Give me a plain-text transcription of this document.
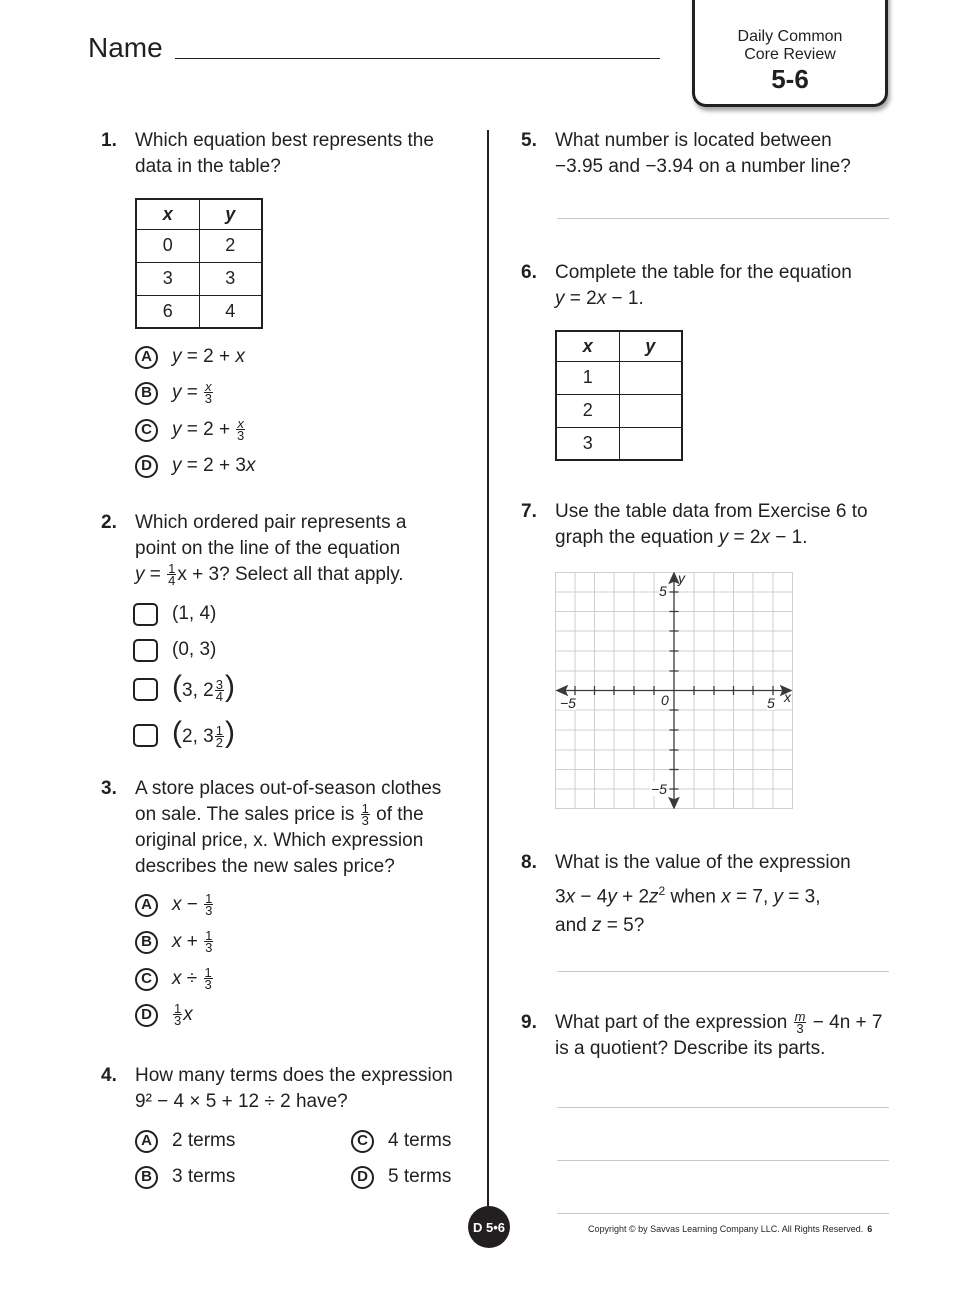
Name	Daily Common
Core Review
5-6
1. Which equation best represents the
data in the table?
x	y
0	2
3	3
6	4
A	y = 2 + x
B	$y = \frac{x}{3}$
C	$y = 2 + \frac{x}{3}$
D	y = 2 + 3x
2. Which ordered pair represents a
point on the line of the equation
$y = \frac{1}{4}$ x + 3? Select all that apply.
(1, 4)
(0, 3)
(3, $2 \frac{3}{4}$ )
(2, $3 \frac{1}{2}$ )
3. A store places out-of-season clothes
on sale. The sales price is $\frac{1}{3}$ of the
original price, x. Which expression
describes the new sales price?
A	$x - \frac{1}{3}$
B	$x + \frac{1}{3}$
C	$x \div \frac{1}{3}$
D	$\frac{1}{3}$ x
4. How many terms does the expression
9² − 4 × 5 + 12 ÷ 2 have?
A	2 terms
B	3 terms
C	4 terms
D	5 terms
5. What number is located between
−3.95 and −3.94 on a number line?
6. Complete the table for the equation
y = 2x − 1.
x	y
1	
2	
3	
7. Use the table data from Exercise 6 to
graph the equation y = 2x − 1.
−5	5 x
5
y
−5
0
8. What is the value of the expression
$3x - 4y + 2z^2$ when x = 7, y = 3,
and z = 5?
9. What part of the expression $\frac{m}{3} - 4n + 7$
is a quotient? Describe its parts.
D 5•6	Copyright © by Savvas Learning Company LLC. All Rights Reserved. 6
